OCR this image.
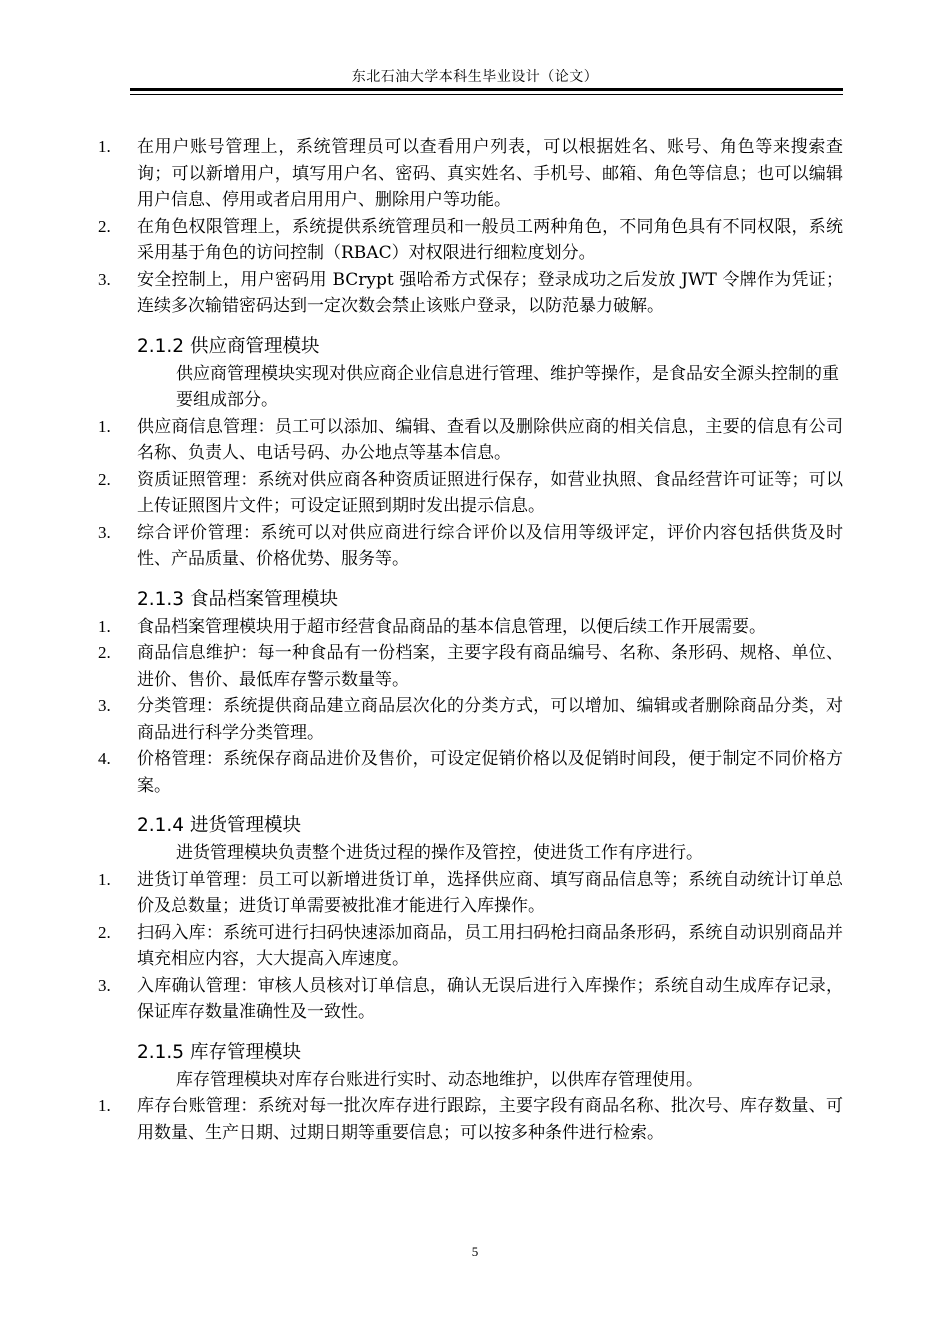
东北石油大学本科生毕业设计（论文）
1.	在用户账号管理上，系统管理员可以查看用户列表，可以根据姓名、账号、角色等来搜索查询；可以新增用户，填写用户名、密码、真实姓名、手机号、邮箱、角色等信息；也可以编辑用户信息、停用或者启用用户、删除用户等功能。
2.	在角色权限管理上，系统提供系统管理员和一般员工两种角色，不同角色具有不同权限，系统采用基于角色的访问控制（RBAC）对权限进行细粒度划分。
3.	安全控制上，用户密码用 BCrypt 强哈希方式保存；登录成功之后发放 JWT 令牌作为凭证；连续多次输错密码达到一定次数会禁止该账户登录，以防范暴力破解。
2.1.2 供应商管理模块
供应商管理模块实现对供应商企业信息进行管理、维护等操作，是食品安全源头控制的重要组成部分。
1.	供应商信息管理：员工可以添加、编辑、查看以及删除供应商的相关信息，主要的信息有公司名称、负责人、电话号码、办公地点等基本信息。
2.	资质证照管理：系统对供应商各种资质证照进行保存，如营业执照、食品经营许可证等；可以上传证照图片文件；可设定证照到期时发出提示信息。
3.	综合评价管理：系统可以对供应商进行综合评价以及信用等级评定，评价内容包括供货及时性、产品质量、价格优势、服务等。
2.1.3 食品档案管理模块
1.	食品档案管理模块用于超市经营食品商品的基本信息管理，以便后续工作开展需要。
2.	商品信息维护：每一种食品有一份档案，主要字段有商品编号、名称、条形码、规格、单位、进价、售价、最低库存警示数量等。
3.	分类管理：系统提供商品建立商品层次化的分类方式，可以增加、编辑或者删除商品分类，对商品进行科学分类管理。
4.	价格管理：系统保存商品进价及售价，可设定促销价格以及促销时间段，便于制定不同价格方案。
2.1.4 进货管理模块
进货管理模块负责整个进货过程的操作及管控，使进货工作有序进行。
1.	进货订单管理：员工可以新增进货订单，选择供应商、填写商品信息等；系统自动统计订单总价及总数量；进货订单需要被批准才能进行入库操作。
2.	扫码入库：系统可进行扫码快速添加商品，员工用扫码枪扫商品条形码，系统自动识别商品并填充相应内容，大大提高入库速度。
3.	入库确认管理：审核人员核对订单信息，确认无误后进行入库操作；系统自动生成库存记录，保证库存数量准确性及一致性。
2.1.5 库存管理模块
库存管理模块对库存台账进行实时、动态地维护，以供库存管理使用。
1.	库存台账管理：系统对每一批次库存进行跟踪，主要字段有商品名称、批次号、库存数量、可用数量、生产日期、过期日期等重要信息；可以按多种条件进行检索。
5
